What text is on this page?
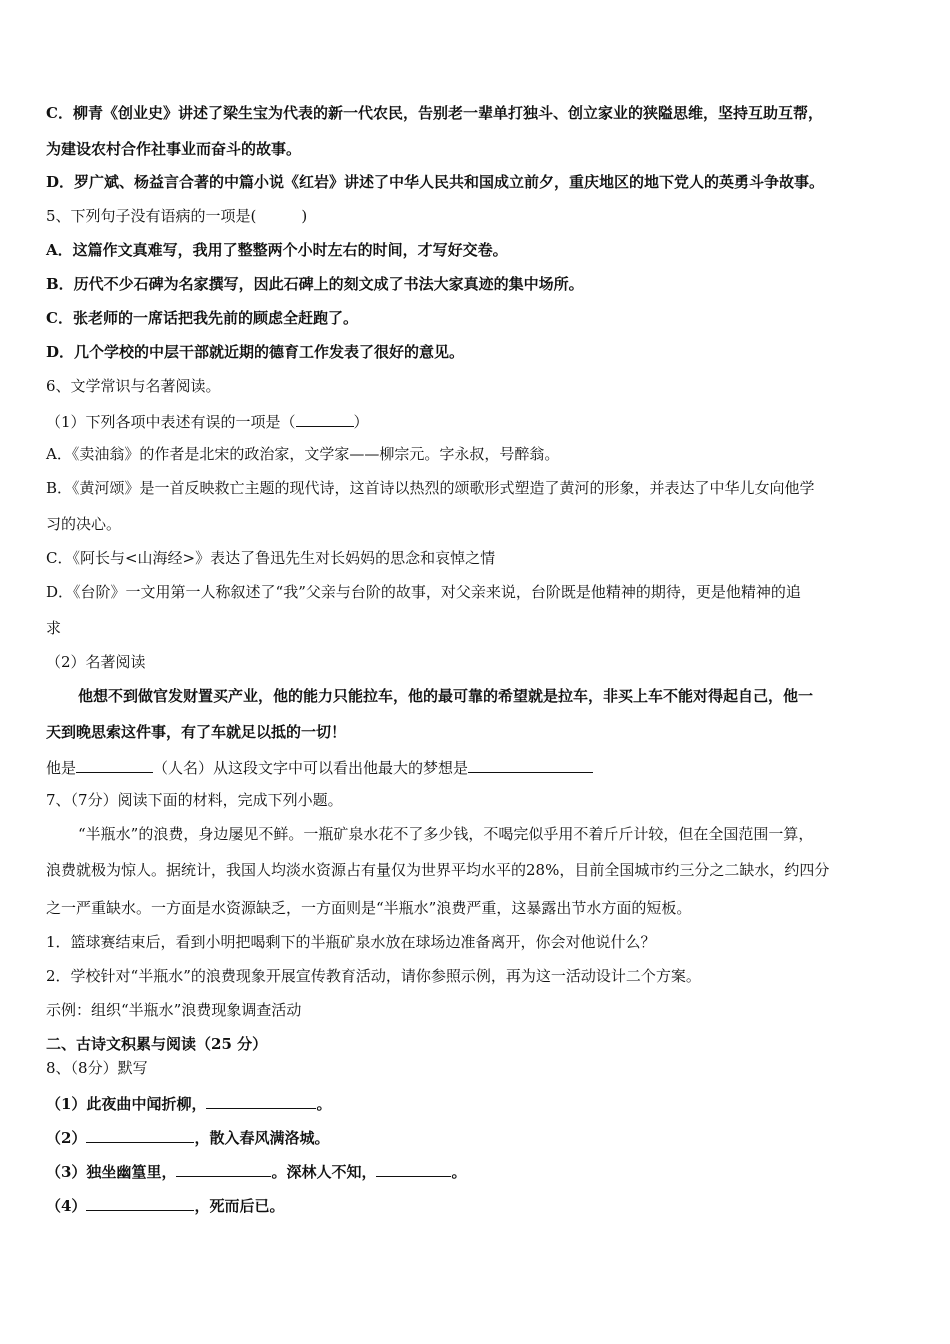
C．柳青《创业史》讲述了梁生宝为代表的新一代农民，告别老一辈单打独斗、创立家业的狭隘思维，坚持互助互帮，
为建设农村合作社事业而奋斗的故事。
D．罗广斌、杨益言合著的中篇小说《红岩》讲述了中华人民共和国成立前夕，重庆地区的地下党人的英勇斗争故事。
5、下列句子没有语病的一项是(　　　)
A．这篇作文真难写，我用了整整两个小时左右的时间，才写好交卷。
B．历代不少石碑为名家撰写，因此石碑上的刻文成了书法大家真迹的集中场所。
C．张老师的一席话把我先前的顾虑全赶跑了。
D．几个学校的中层干部就近期的德育工作发表了很好的意见。
6、文学常识与名著阅读。
（1）下列各项中表述有误的一项是（	）
A．《卖油翁》的作者是北宋的政治家，文学家——柳宗元。字永叔，号醉翁。
B．《黄河颂》是一首反映救亡主题的现代诗，这首诗以热烈的颂歌形式塑造了黄河的形象，并表达了中华儿女向他学
习的决心。
C．《阿长与<山海经>》表达了鲁迅先生对长妈妈的思念和哀悼之情
D．《台阶》一文用第一人称叙述了“我”父亲与台阶的故事，对父亲来说，台阶既是他精神的期待，更是他精神的追
求
（2）名著阅读
他想不到做官发财置买产业，他的能力只能拉车，他的最可靠的希望就是拉车，非买上车不能对得起自己，他一
天到晚思索这件事，有了车就足以抵的一切！
他是	（人名）从这段文字中可以看出他最大的梦想是
7、（7分）阅读下面的材料，完成下列小题。
“半瓶水”的浪费，身边屡见不鲜。一瓶矿泉水花不了多少钱，不喝完似乎用不着斤斤计较，但在全国范围一算，
浪费就极为惊人。据统计，我国人均淡水资源占有量仅为世界平均水平的28%，目前全国城市约三分之二缺水，约四分
之一严重缺水。一方面是水资源缺乏，一方面则是“半瓶水”浪费严重，这暴露出节水方面的短板。
1．篮球赛结束后，看到小明把喝剩下的半瓶矿泉水放在球场边准备离开，你会对他说什么？
2．学校针对“半瓶水”的浪费现象开展宣传教育活动，请你参照示例，再为这一活动设计二个方案。
示例：组织“半瓶水”浪费现象调查活动
二、古诗文积累与阅读（25 分）
8、（8分）默写
（1）此夜曲中闻折柳，	。
（2）	，散入春风满洛城。
（3）独坐幽篁里，	。深林人不知，	。
（4）	，死而后已。
